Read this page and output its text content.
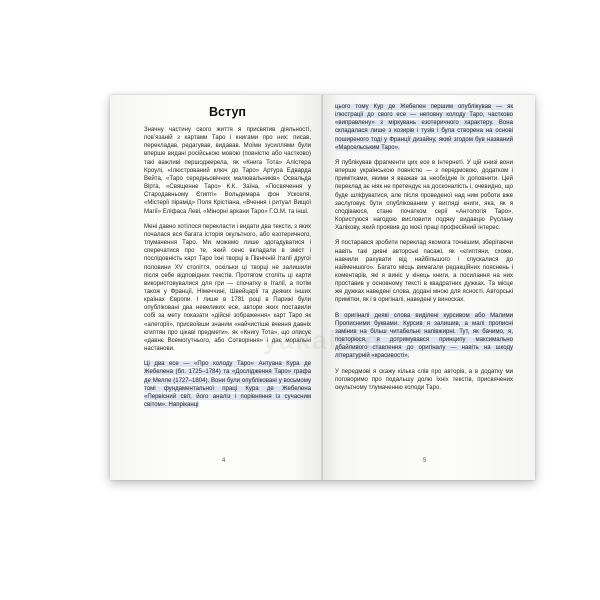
Вступ

Значну частину свого життя я присвятив діяльності, пов’язаній з картами Таро і книгами про них: писав, перекладав, редагував, видавав. Моїми зусиллями були вперше видані російською мовою (повністю або частково) такі важливі першоджерела, як «Книга Тота» Алістера Кроулі, «Ілюстрований ключ до Таро» Артура Едварда Вейта, «Таро середньовічних малювальників» Освальда Вірта, «Священне Таро» К.К. Заїна, «Посвячення у Стародавньому Єгипті» Вольдемара фон Ускселя, «Містерії пірамід» Поля Крістіана, «Вчення і ритуал Вищої Магії» Еліфаса Леві, «Мінорні аркани Таро» Г.О.М. та інші.

Мені давно хотілося перекласти і видати два тексти, з яких почалася вся багата історія окультного, або езотеричного, тлумачення Таро. Ми можемо лише здогадуватися і сперечатися про те, який сенс вкладали в зміст і послідовність карт Таро їхні творці в Північній Італії другої половини XV століття, оскільки ці творці не залишили після себе відповідних текстів. Протягом століть ці карти використовувалися для гри — спочатку в Італії, а потім також у Франції, Німеччині, Швейцарії та деяких інших країнах Європи. І лише в 1781 році в Парижі були опубліковані два невеликих есе, автори яких поставили собі за мету показати «дійсні зображення» карт Таро як «алегорії», присвоївши знаним «найчистіше вчення давніх єгиптян про цікаві предмети», як «Книгу Тота», що описує «давнє Всемогутнього, або Сотворіння» і дає моральні настанови.

Ці два есе — «Про колоду Таро» Антуана Кура де Жебелена (бл. 1725–1784) та «Дослідження Таро» графа де Мелле (1727–1804). Вони були опубліковані у восьмому томі фундаментальної праці Кура де Жебелена «Первісний світ, його аналіз і порівняння із сучасним світом». Напріканці

4

цього тому Кур де Жебелен першим опублікував — як ілюстрації до свого есе — неповну колоду Таро, частково «виправлену» з міркувань езотеричного характеру. Вона складалася лише з козирів і тузів і була створена на основі поширеного тоді у Франції дизайну, який згодом був названий «Марсельським Таро».

Я публікував фрагменти цих есе в Інтернеті. У цій книзі вони вперше українською повністю — з передмовою, додатком і примітками, якими я вважав за необхідне їх доповнити. Цей переклад ає ніяк не претендує на досконалість і, очевидно, що буде шліфуватися, але після проведеної над ним роботи вже заслуговує бути опублікованим у вигляді книги, яка, як я сподіваюся, стане початком серії «Антологія Таро». Користуюся нагодою висловити подяку видавцю Руслану Халікову, який проявив до моєї праці професійний інтерес.

Я постарався зробити переклад якомога точнішим, зберігаючи навіть такі дивні авторські пасажі, як «єгиптяни, схоже, навчили рахувати від найбільшого і спускалися до найменшого». Багато місць вимагали редакційних пояснень і коментарів, які я виніс у кінець книги, а посилання на них проставив у основному тексті в квадратних дужках. Та місце же дужках наведені слова, додані мною для ясності. Авторські примітки, як і в оригіналі, наведені у виносках.

В оригіналі деякі слова виділені курсивом або Малими Прописними буквами. Курсив я залишив, а малі прописні замінив на більш читабельні напівжирні. Тут, як бачимо, я, повторюся, я дотримувався принципу максимально дбайливого ставлення до оригіналу — навіть на шкоду літературній «красивості».

У передмові я скажу кілька слів про авторів, а в додатку ми поговоримо про подальшу долю їхніх текстів, присвячених окультному тлумаченню колоди Таро.

5
